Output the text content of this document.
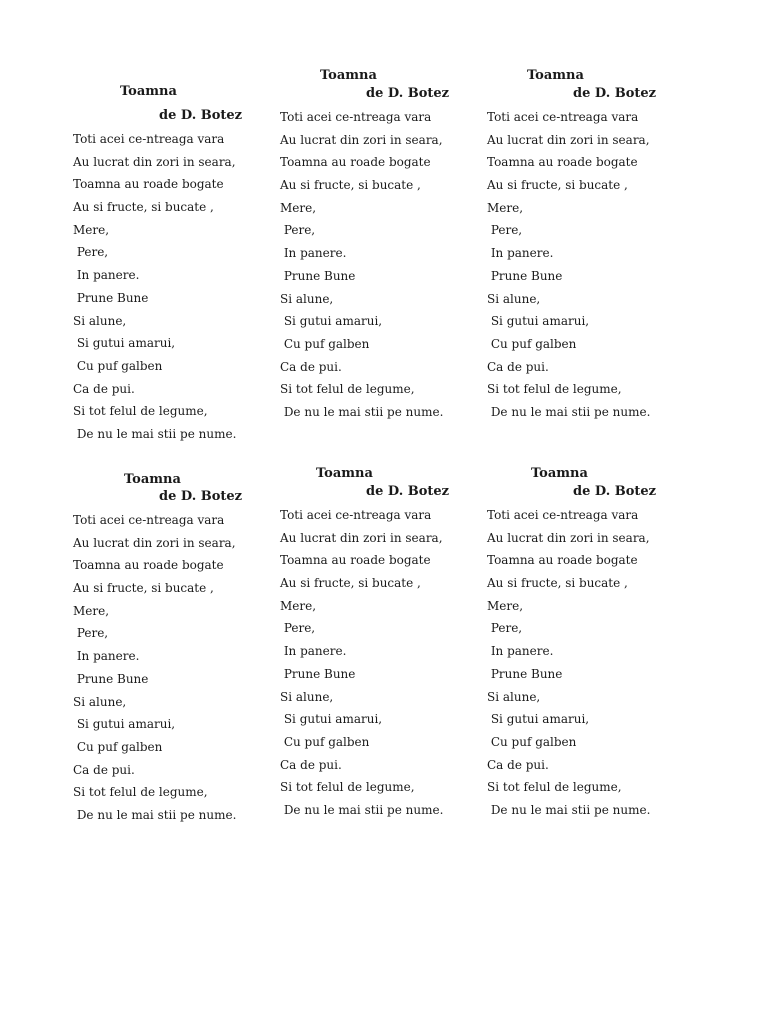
Toamna
de D. Botez
Toti acei ce-ntreaga vara
Au lucrat din zori in seara,
Toamna au roade bogate
Au si fructe, si bucate ,
Mere,
Pere,
In panere.
Prune Bune
Si alune,
Si gutui amarui,
Cu puf galben
Ca de pui.
Si tot felul de legume,
De nu le mai stii pe nume.
Toamna
de D. Botez
Toti acei ce-ntreaga vara
Au lucrat din zori in seara,
Toamna au roade bogate
Au si fructe, si bucate ,
Mere,
Pere,
In panere.
Prune Bune
Si alune,
Si gutui amarui,
Cu puf galben
Ca de pui.
Si tot felul de legume,
De nu le mai stii pe nume.
Toamna
de D. Botez
Toti acei ce-ntreaga vara
Au lucrat din zori in seara,
Toamna au roade bogate
Au si fructe, si bucate ,
Mere,
Pere,
In panere.
Prune Bune
Si alune,
Si gutui amarui,
Cu puf galben
Ca de pui.
Si tot felul de legume,
De nu le mai stii pe nume.
Toamna
de D. Botez
Toti acei ce-ntreaga vara
Au lucrat din zori in seara,
Toamna au roade bogate
Au si fructe, si bucate ,
Mere,
Pere,
In panere.
Prune Bune
Si alune,
Si gutui amarui,
Cu puf galben
Ca de pui.
Si tot felul de legume,
De nu le mai stii pe nume.
Toamna
de D. Botez
Toti acei ce-ntreaga vara
Au lucrat din zori in seara,
Toamna au roade bogate
Au si fructe, si bucate ,
Mere,
Pere,
In panere.
Prune Bune
Si alune,
Si gutui amarui,
Cu puf galben
Ca de pui.
Si tot felul de legume,
De nu le mai stii pe nume.
Toamna
de D. Botez
Toti acei ce-ntreaga vara
Au lucrat din zori in seara,
Toamna au roade bogate
Au si fructe, si bucate ,
Mere,
Pere,
In panere.
Prune Bune
Si alune,
Si gutui amarui,
Cu puf galben
Ca de pui.
Si tot felul de legume,
De nu le mai stii pe nume.
